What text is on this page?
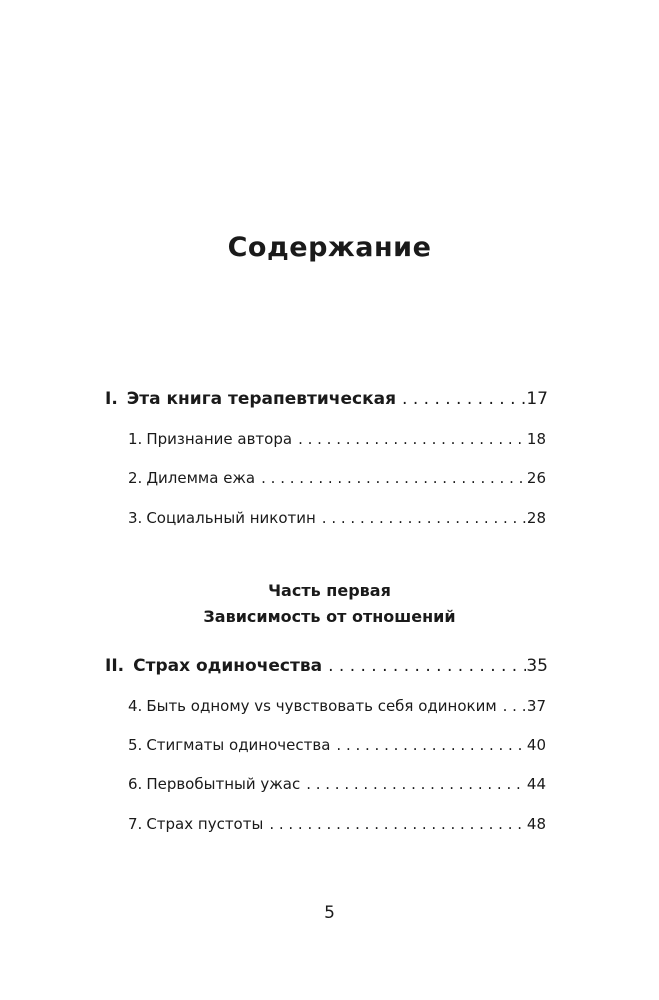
Содержание
I. Эта книга терапевтическая . . .	17
1. Признание автора . . .	18
2. Дилемма ежа . . .	26
3. Социальный никотин . . .	28
Часть первая
Зависимость от отношений
II. Страх одиночества . . .	35
4. Быть одному vs чувствовать себя одиноким . . . 37
5. Стигматы одиночества . . .	40
6. Первобытный ужас . . .	44
7. Страх пустоты . . .	48
5
